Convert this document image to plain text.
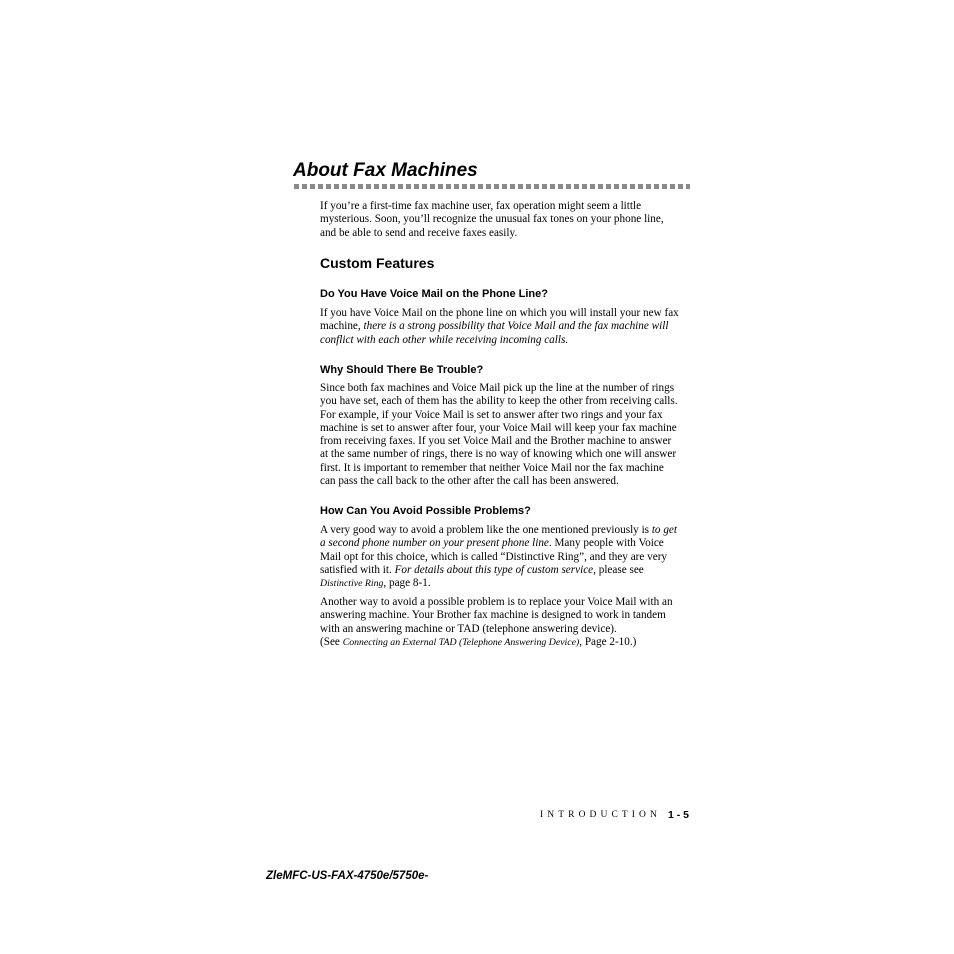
About Fax Machines

If you’re a first-time fax machine user, fax operation might seem a little
mysterious. Soon, you’ll recognize the unusual fax tones on your phone line,
and be able to send and receive faxes easily.

Custom Features
Do You Have Voice Mail on the Phone Line?

If you have Voice Mail on the phone line on which you will install your new fax
machine, there is a strong possibility that Voice Mail and the fax machine will
conflict with each other while receiving incoming calls.

Why Should There Be Trouble?

Since both fax machines and Voice Mail pick up the line at the number of rings
you have set, each of them has the ability to keep the other from receiving calls.
For example, if your Voice Mail is set to answer after two rings and your fax
machine is set to answer after four, your Voice Mail will keep your fax machine
from receiving faxes. If you set Voice Mail and the Brother machine to answer
at the same number of rings, there is no way of knowing which one will answer
first. It is important to remember that neither Voice Mail nor the fax machine
can pass the call back to the other after the call has been answered.

How Can You Avoid Possible Problems?

A very good way to avoid a problem like the one mentioned previously is to get
a second phone number on your present phone line. Many people with Voice
Mail opt for this choice, which is called “Distinctive Ring”, and they are very
satisfied with it. For details about this type of custom service, please see
Distinctive Ring, page 8-1.

Another way to avoid a possible problem is to replace your Voice Mail with an
answering machine. Your Brother fax machine is designed to work in tandem
with an answering machine or TAD (telephone answering device).
(See Connecting an External TAD (Telephone Answering Device), Page 2-10.)

INTRODUCTION 1 - 5
ZleMFC-US-FAX-4750e/5750e-
